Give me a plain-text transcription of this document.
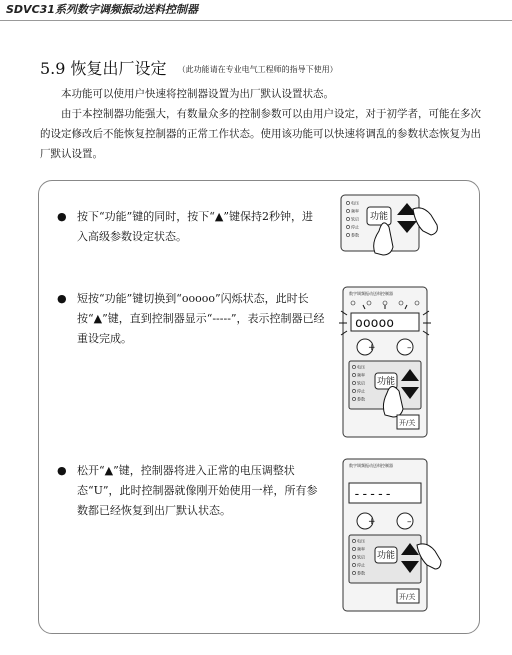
SDVC31系列数字调频振动送料控制器
5.9 恢复出厂设定 （此功能请在专业电气工程师的指导下使用）

本功能可以使用户快速将控制器设置为出厂默认设置状态。

由于本控制器功能强大，有数量众多的控制参数可以由用户设定，对于初学者，可能在多次的设定修改后不能恢复控制器的正常工作状态。使用该功能可以快速将调乱的参数状态恢复为出厂默认设置。

● 按下“功能”键的同时，按下“▲”键保持2秒钟，进入高级参数设定状态。
电压
频率
软启
停止
参数
功能
● 短按“功能”键切换到“ooooo”闪烁状态，此时长按“▲”键，直到控制器显示“-----”，表示控制器已经重设完成。
数字调频振动送料控制器
ooooo
+	–
电压
频率
软启
停止
参数
功能
开/关
● 松开“▲”键，控制器将进入正常的电压调整状态“U”，此时控制器就像刚开始使用一样，所有参数都已经恢复到出厂默认状态。
数字调频振动送料控制器
-----
+	–
电压
频率
软启
停止
参数
功能
开/关
